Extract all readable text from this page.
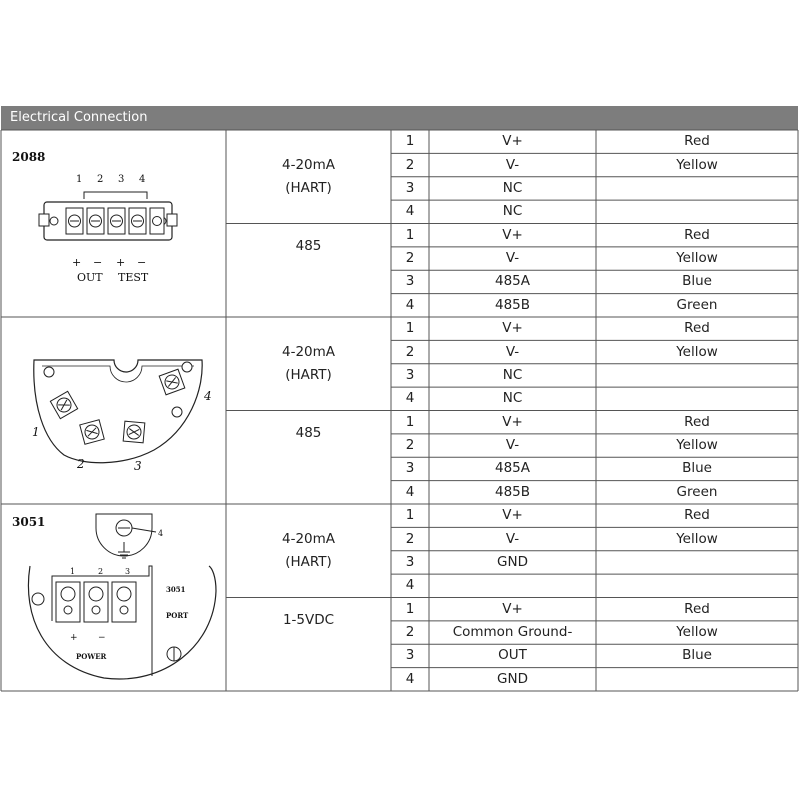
Electrical Connection
4-20mA
(HART)
1	V+	Red
2	V-	Yellow
3	NC
4	NC
485
1	V+	Red
2	V-	Yellow
3	485A	Blue
4	485B	Green
4-20mA
(HART)
1	V+	Red
2	V-	Yellow
3	NC
4	NC
485
1	V+	Red
2	V-	Yellow
3	485A	Blue
4	485B	Green
4-20mA
(HART)
1	V+	Red
2	V-	Yellow
3	GND
4
1-5VDC
1	V+	Red
2	Common Ground-	Yellow
3	OUT	Blue
4	GND
2088
1 2 3 4
+ − + −
OUT TEST
1
2	3
4
3051
4
1	2	3
3051
PORT
+ −
POWER
